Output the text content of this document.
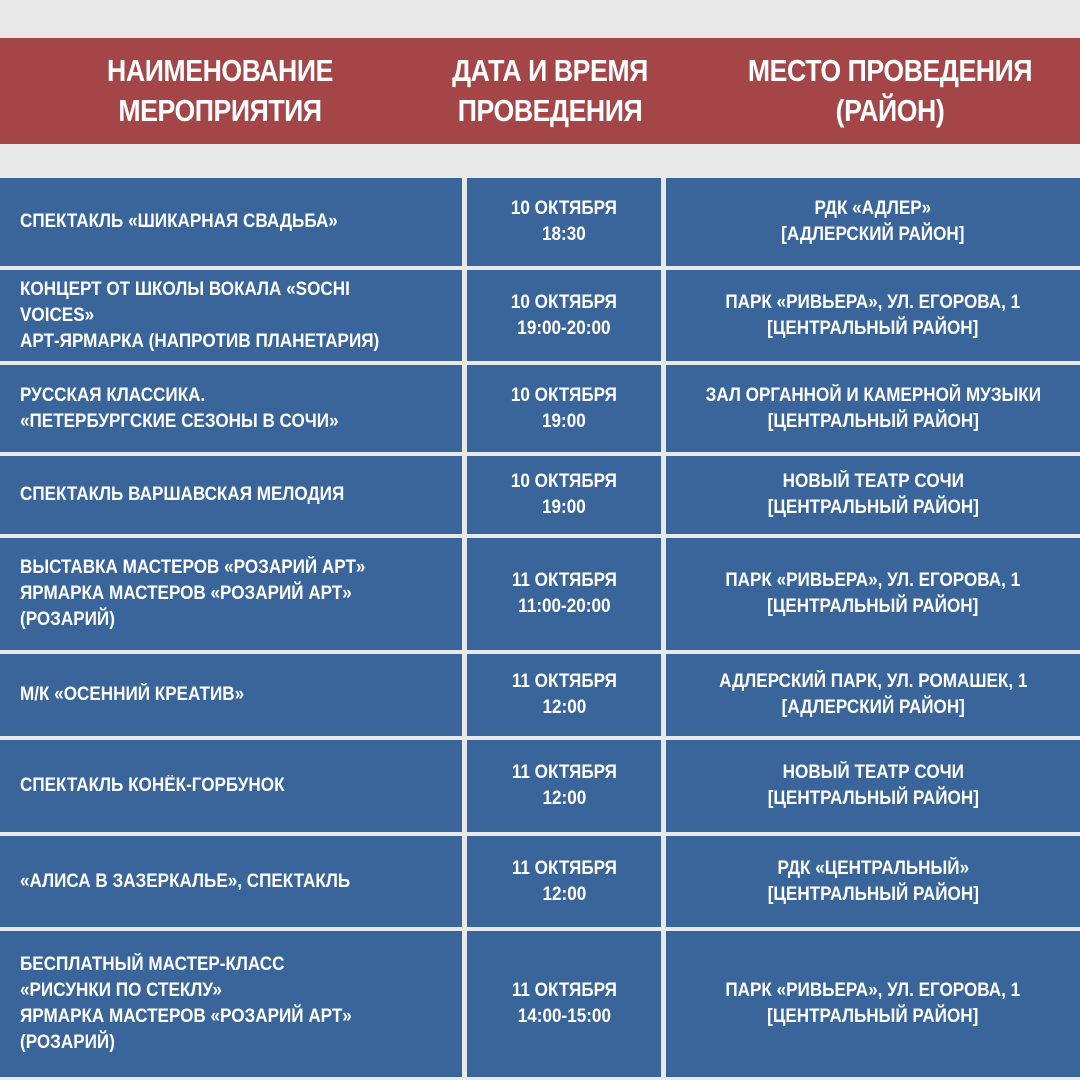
НАИМЕНОВАНИЕ
МЕРОПРИЯТИЯ
ДАТА И ВРЕМЯ
ПРОВЕДЕНИЯ
МЕСТО ПРОВЕДЕНИЯ
(РАЙОН)
СПЕКТАКЛЬ «ШИКАРНАЯ СВАДЬБА»
10 ОКТЯБРЯ
18:30
РДК «АДЛЕР»
[АДЛЕРСКИЙ РАЙОН]
КОНЦЕРТ ОТ ШКОЛЫ ВОКАЛА «SOCHI VOICES»
АРТ-ЯРМАРКА (НАПРОТИВ ПЛАНЕТАРИЯ)
10 ОКТЯБРЯ
19:00-20:00
ПАРК «РИВЬЕРА», УЛ. ЕГОРОВА, 1
[ЦЕНТРАЛЬНЫЙ РАЙОН]
РУССКАЯ КЛАССИКА.
«ПЕТЕРБУРГСКИЕ СЕЗОНЫ В СОЧИ»
10 ОКТЯБРЯ
19:00
ЗАЛ ОРГАННОЙ И КАМЕРНОЙ МУЗЫКИ
[ЦЕНТРАЛЬНЫЙ РАЙОН]
СПЕКТАКЛЬ ВАРШАВСКАЯ МЕЛОДИЯ
10 ОКТЯБРЯ
19:00
НОВЫЙ ТЕАТР СОЧИ
[ЦЕНТРАЛЬНЫЙ РАЙОН]
ВЫСТАВКА МАСТЕРОВ «РОЗАРИЙ АРТ»
ЯРМАРКА МАСТЕРОВ «РОЗАРИЙ АРТ»
(РОЗАРИЙ)
11 ОКТЯБРЯ
11:00-20:00
ПАРК «РИВЬЕРА», УЛ. ЕГОРОВА, 1
[ЦЕНТРАЛЬНЫЙ РАЙОН]
М/К «ОСЕННИЙ КРЕАТИВ»
11 ОКТЯБРЯ
12:00
АДЛЕРСКИЙ ПАРК, УЛ. РОМАШЕК, 1
[АДЛЕРСКИЙ РАЙОН]
СПЕКТАКЛЬ КОНЁК-ГОРБУНОК
11 ОКТЯБРЯ
12:00
НОВЫЙ ТЕАТР СОЧИ
[ЦЕНТРАЛЬНЫЙ РАЙОН]
«АЛИСА В ЗАЗЕРКАЛЬЕ», СПЕКТАКЛЬ
11 ОКТЯБРЯ
12:00
РДК «ЦЕНТРАЛЬНЫЙ»
[ЦЕНТРАЛЬНЫЙ РАЙОН]
БЕСПЛАТНЫЙ МАСТЕР-КЛАСС
«РИСУНКИ ПО СТЕКЛУ»
ЯРМАРКА МАСТЕРОВ «РОЗАРИЙ АРТ»
(РОЗАРИЙ)
11 ОКТЯБРЯ
14:00-15:00
ПАРК «РИВЬЕРА», УЛ. ЕГОРОВА, 1
[ЦЕНТРАЛЬНЫЙ РАЙОН]
